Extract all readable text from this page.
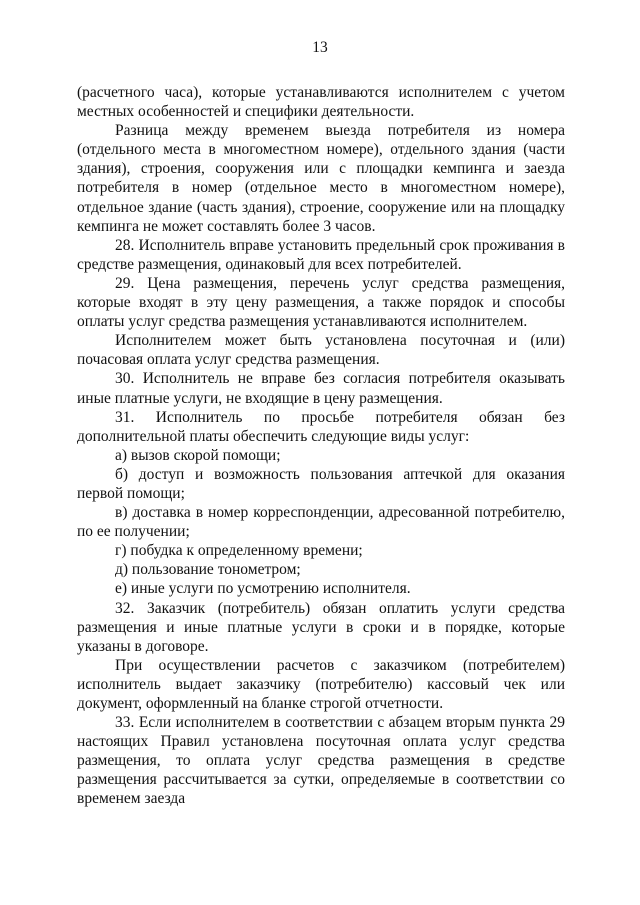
13

(расчетного часа), которые устанавливаются исполнителем с учетом местных особенностей и специфики деятельности.

Разница между временем выезда потребителя из номера (отдельного места в многоместном номере), отдельного здания (части здания), строения, сооружения или с площадки кемпинга и заезда потребителя в номер (отдельное место в многоместном номере), отдельное здание (часть здания), строение, сооружение или на площадку кемпинга не может составлять более 3 часов.

28. Исполнитель вправе установить предельный срок проживания в средстве размещения, одинаковый для всех потребителей.

29. Цена размещения, перечень услуг средства размещения, которые входят в эту цену размещения, а также порядок и способы оплаты услуг средства размещения устанавливаются исполнителем.

Исполнителем может быть установлена посуточная и (или) почасовая оплата услуг средства размещения.

30. Исполнитель не вправе без согласия потребителя оказывать иные платные услуги, не входящие в цену размещения.

31. Исполнитель по просьбе потребителя обязан без дополнительной платы обеспечить следующие виды услуг:

а) вызов скорой помощи;

б) доступ и возможность пользования аптечкой для оказания первой помощи;

в) доставка в номер корреспонденции, адресованной потребителю, по ее получении;

г) побудка к определенному времени;

д) пользование тонометром;

е) иные услуги по усмотрению исполнителя.

32. Заказчик (потребитель) обязан оплатить услуги средства размещения и иные платные услуги в сроки и в порядке, которые указаны в договоре.

При осуществлении расчетов с заказчиком (потребителем) исполнитель выдает заказчику (потребителю) кассовый чек или документ, оформленный на бланке строгой отчетности.

33. Если исполнителем в соответствии с абзацем вторым пункта 29 настоящих Правил установлена посуточная оплата услуг средства размещения, то оплата услуг средства размещения в средстве размещения рассчитывается за сутки, определяемые в соответствии со временем заезда
